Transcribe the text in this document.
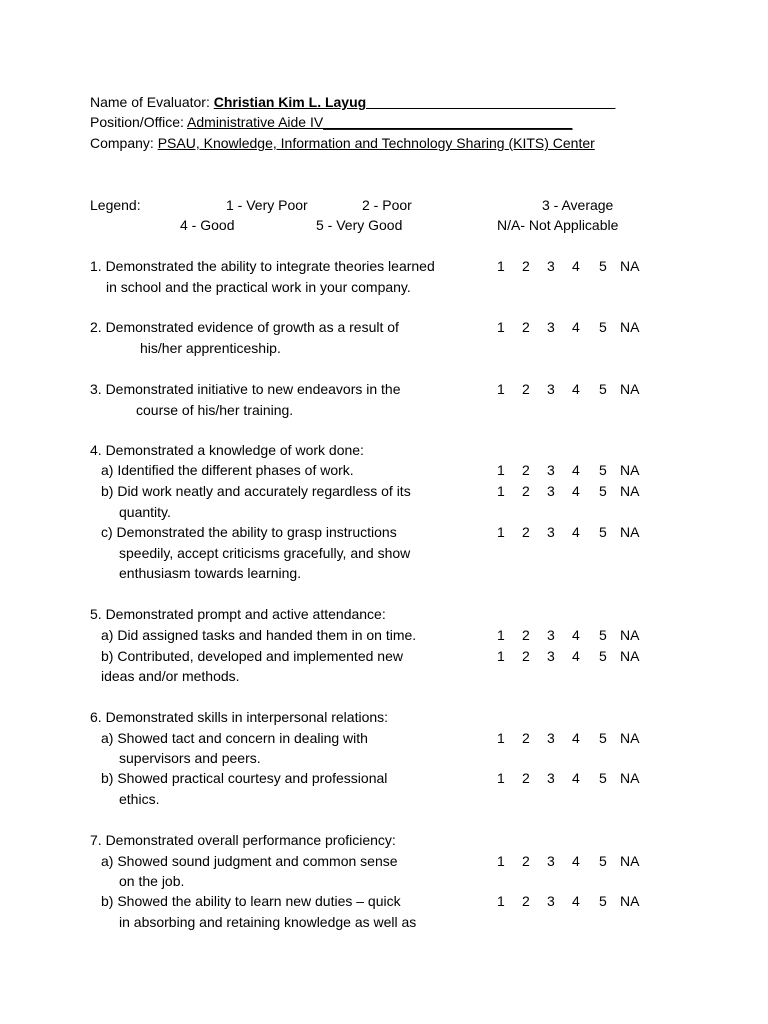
Name of Evaluator: Christian Kim L. Layug________________________________
Position/Office: Administrative Aide IV________________________________
Company: PSAU, Knowledge, Information and Technology Sharing (KITS) Center
Legend:	1 - Very Poor	2 - Poor	3 - Average
4 - Good	5 - Very Good	N/A- Not Applicable
1. Demonstrated the ability to integrate theories learned
in school and the practical work in your company.
1 2 3 4 5 NA
2. Demonstrated evidence of growth as a result of
his/her apprenticeship.
1 2 3 4 5 NA
3. Demonstrated initiative to new endeavors in the
course of his/her training.
1 2 3 4 5 NA
4. Demonstrated a knowledge of work done:
a) Identified the different phases of work.	1 2 3 4 5 NA
b) Did work neatly and accurately regardless of its
quantity.
1 2 3 4 5 NA
c) Demonstrated the ability to grasp instructions
speedily, accept criticisms gracefully, and show
enthusiasm towards learning.
1 2 3 4 5 NA
5. Demonstrated prompt and active attendance:
a) Did assigned tasks and handed them in on time.	1 2 3 4 5 NA
b) Contributed, developed and implemented new
ideas and/or methods.
1 2 3 4 5 NA
6. Demonstrated skills in interpersonal relations:
a) Showed tact and concern in dealing with
supervisors and peers.
1 2 3 4 5 NA
b) Showed practical courtesy and professional
ethics.
1 2 3 4 5 NA
7. Demonstrated overall performance proficiency:
a) Showed sound judgment and common sense
on the job.
1 2 3 4 5 NA
b) Showed the ability to learn new duties – quick
in absorbing and retaining knowledge as well as
1 2 3 4 5 NA
